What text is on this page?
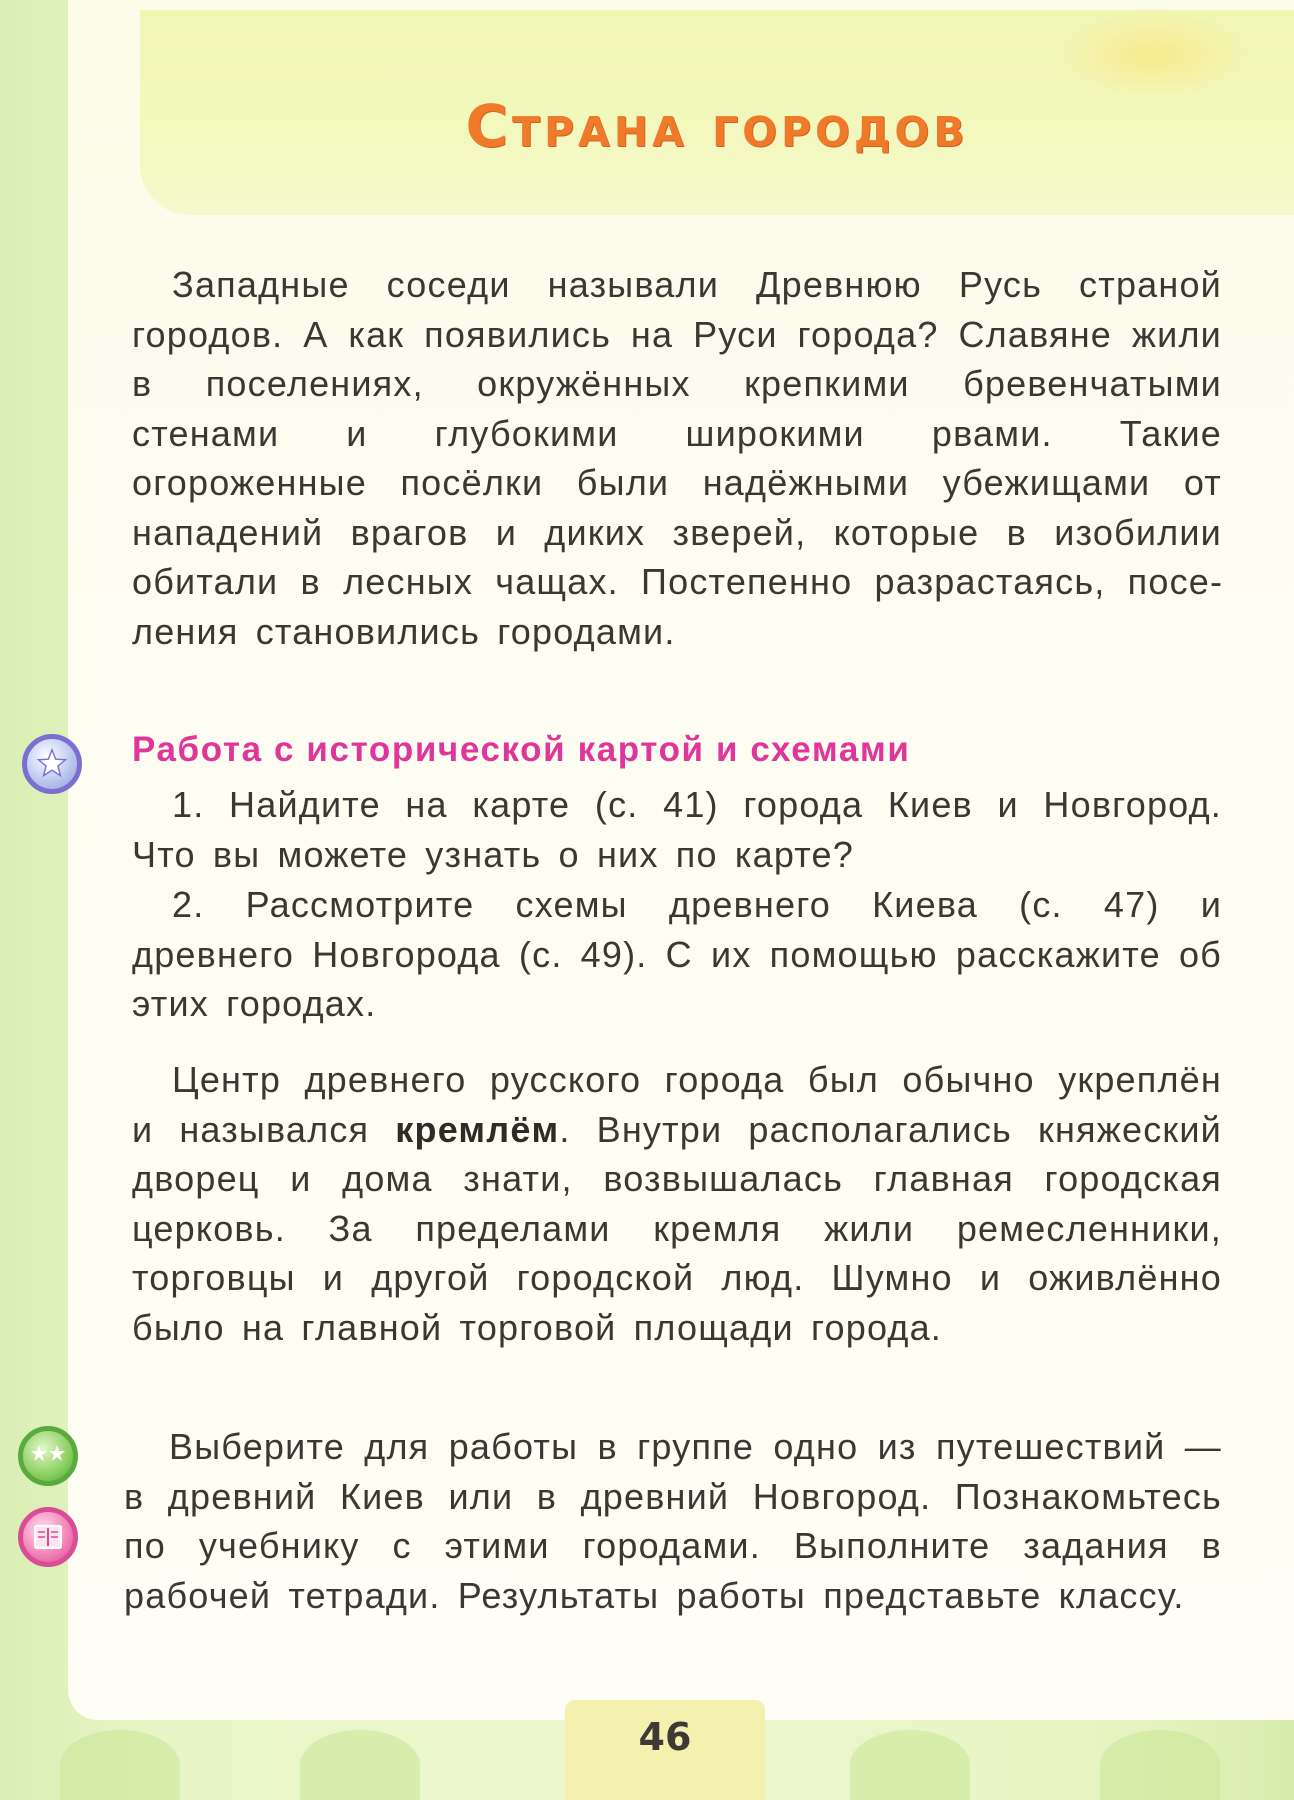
Страна городов

Западные соседи называли Древнюю Русь страной городов. А как появились на Руси города? Славяне жили в поселениях, окружённых крепкими бревенчатыми стенами и глубокими широкими рвами. Такие огороженные посёлки были надёжными убежищами от нападений врагов и диких зверей, которые в изобилии обитали в лесных чащах. Постепенно разрастаясь, поселения становились городами.

Работа с исторической картой и схемами

1. Найдите на карте (с. 41) города Киев и Новгород. Что вы можете узнать о них по карте?

2. Рассмотрите схемы древнего Киева (с. 47) и древнего Новгорода (с. 49). С их помощью расскажите об этих городах.

Центр древнего русского города был обычно укреплён и назывался кремлём. Внутри располагались княжеский дворец и дома знати, возвышалась главная городская церковь. За пределами кремля жили ремесленники, торговцы и другой городской люд. Шумно и оживлённо было на главной торговой площади города.

Выберите для работы в группе одно из путешествий — в древний Киев или в древний Новгород. Познакомьтесь по учебнику с этими городами. Выполните задания в рабочей тетради. Результаты работы представьте классу.

46
